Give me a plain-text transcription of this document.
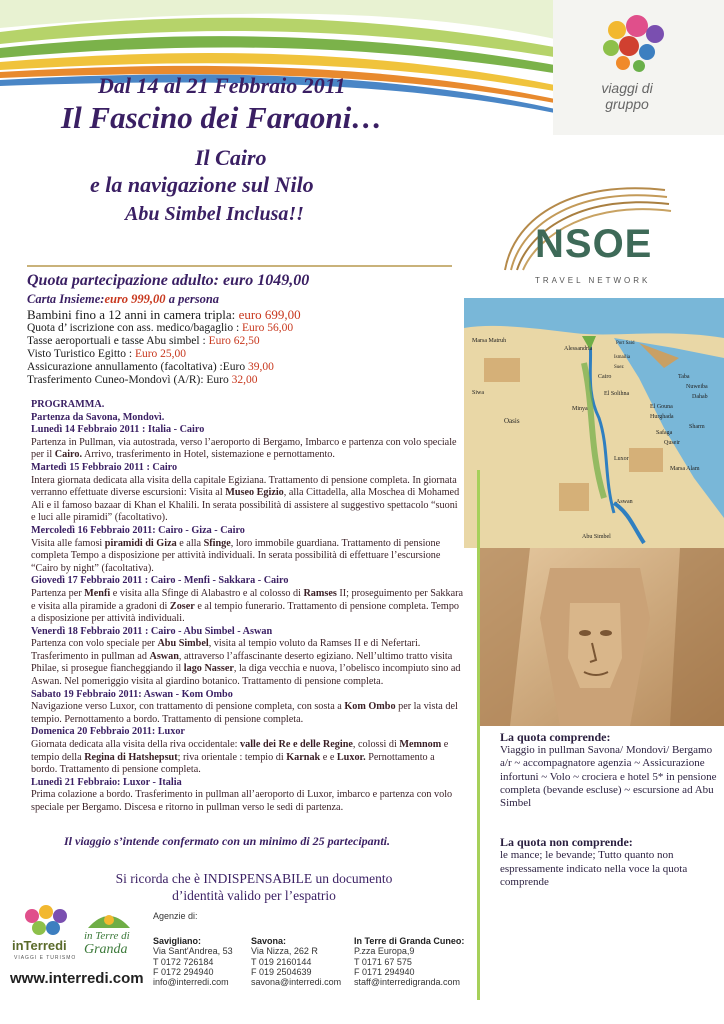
viaggi di gruppo
Dal 14 al 21 Febbraio 2011
Il Fascino dei Faraoni…
Il Cairo
e la navigazione sul Nilo
Abu Simbel Inclusa!!
NSOE
TRAVEL NETWORK
Quota partecipazione adulto: euro 1049,00
Carta Insieme:euro 999,00 a persona
Bambini fino a 12 anni in camera tripla: euro 699,00
Quota d’ iscrizione con ass. medico/bagaglio : Euro 56,00
Tasse aeroportuali e tasse Abu simbel : Euro 62,50
Visto Turistico Egitto : Euro 25,00
Assicurazione annullamento (facoltativa) :Euro 39,00
Trasferimento Cuneo-Mondovì (A/R): Euro 32,00
Marsa Matruh
Alessandria
Cairo
Siwa	El Solihna
Minya
Oasis
Luxor
Aswan
Abu Simbel
Sharm
Taba
Nuweiba
Dahab
El Gouna
Hurghada
Safaga
Quseir
Marsa Alam
Port Said
Ismailia
Suez

PROGRAMMA.

Partenza da Savona, Mondovì.

Lunedì 14 Febbraio 2011 : Italia - Cairo

Partenza in Pullman, via autostrada, verso l’aeroporto di Bergamo, Imbarco e partenza con volo speciale per il Cairo. Arrivo, trasferimento in Hotel, sistemazione e pernottamento.

Martedì 15 Febbraio 2011 : Cairo

Intera giornata dedicata alla visita della capitale Egiziana. Trattamento di pensione completa. In giornata verranno effettuate diverse escursioni: Visita al Museo Egizio, alla Cittadella, alla Moschea di Mohamed Ali e il famoso bazaar di Khan el Khalili. In serata possibilità di assistere al suggestivo spettacolo “suoni e luci alle piramidi” (facoltativo).

Mercoledì 16 Febbraio 2011: Cairo - Giza - Cairo

Visita alle famosi piramidi di Giza e alla Sfinge, loro immobile guardiana. Trattamento di pensione completa Tempo a disposizione per attività individuali. In serata possibilità di effettuare l’escursione “Cairo by night” (facoltativa).

Giovedì 17 Febbraio 2011 : Cairo - Menfi - Sakkara - Cairo

Partenza per Menfi e visita alla Sfinge di Alabastro e al colosso di Ramses II; proseguimento per Sakkara e visita alla piramide a gradoni di Zoser e al tempio funerario. Trattamento di pensione completa. Tempo a disposizione per attività individuali.

Venerdì 18 Febbraio 2011 : Cairo - Abu Simbel - Aswan

Partenza con volo speciale per Abu Simbel, visita al tempio voluto da Ramses II e di Nefertari. Trasferimento in pullman ad Aswan, attraverso l’affascinante deserto egiziano. Nell’ultimo tratto visita Philae, si prosegue fiancheggiando il lago Nasser, la diga vecchia e nuova, l’obelisco incompiuto sino ad Aswan. Nel pomeriggio visita al giardino botanico. Trattamento di pensione completa.

Sabato 19 Febbraio 2011: Aswan - Kom Ombo

Navigazione verso Luxor, con trattamento di pensione completa, con sosta a Kom Ombo per la vista del tempio. Pernottamento a bordo. Trattamento di pensione completa.

Domenica 20 Febbraio 2011: Luxor

Giornata dedicata alla visita della riva occidentale: valle dei Re e delle Regine, colossi di Memnom e tempio della Regina di Hatshepsut; riva orientale : tempio di Karnak e e Luxor. Pernottamento a bordo. Trattamento di pensione completa.

Lunedì 21 Febbraio: Luxor - Italia

Prima colazione a bordo. Trasferimento in pullman all’aeroporto di Luxor, imbarco e partenza con volo speciale per Bergamo. Discesa e ritorno in pullman verso le sedi di partenza.

La quota comprende:
Viaggio in pullman Savona/ Mondovì/ Bergamo a/r ~ accompagnatore agenzia ~ Assicurazione infortuni ~ Volo ~ crociera e hotel 5* in pensione completa (bevande escluse) ~ escursione ad Abu Simbel
La quota non comprende:
le mance; le bevande; Tutto quanto non espressamente indicato nella voce la quota comprende
Il viaggio s’intende confermato con un minimo di 25 partecipanti.
Si ricorda che è INDISPENSABILE un documento d’identità valido per l’espatrio
inTerredi
VIAGGI E TURISMO
in Terre di
Granda
Agenzie di:
Savigliano:
Via Sant'Andrea, 53
T 0172 726184
F 0172 294940
info@interredi.com
Savona:
Via Nizza, 262 R
T 019 2160144
F 019 2504639
savona@interredi.com
In Terre di Granda Cuneo:
P.zza Europa,9
T 0171 67 575
F 0171 294940
staff@interredigranda.com
www.interredi.com
